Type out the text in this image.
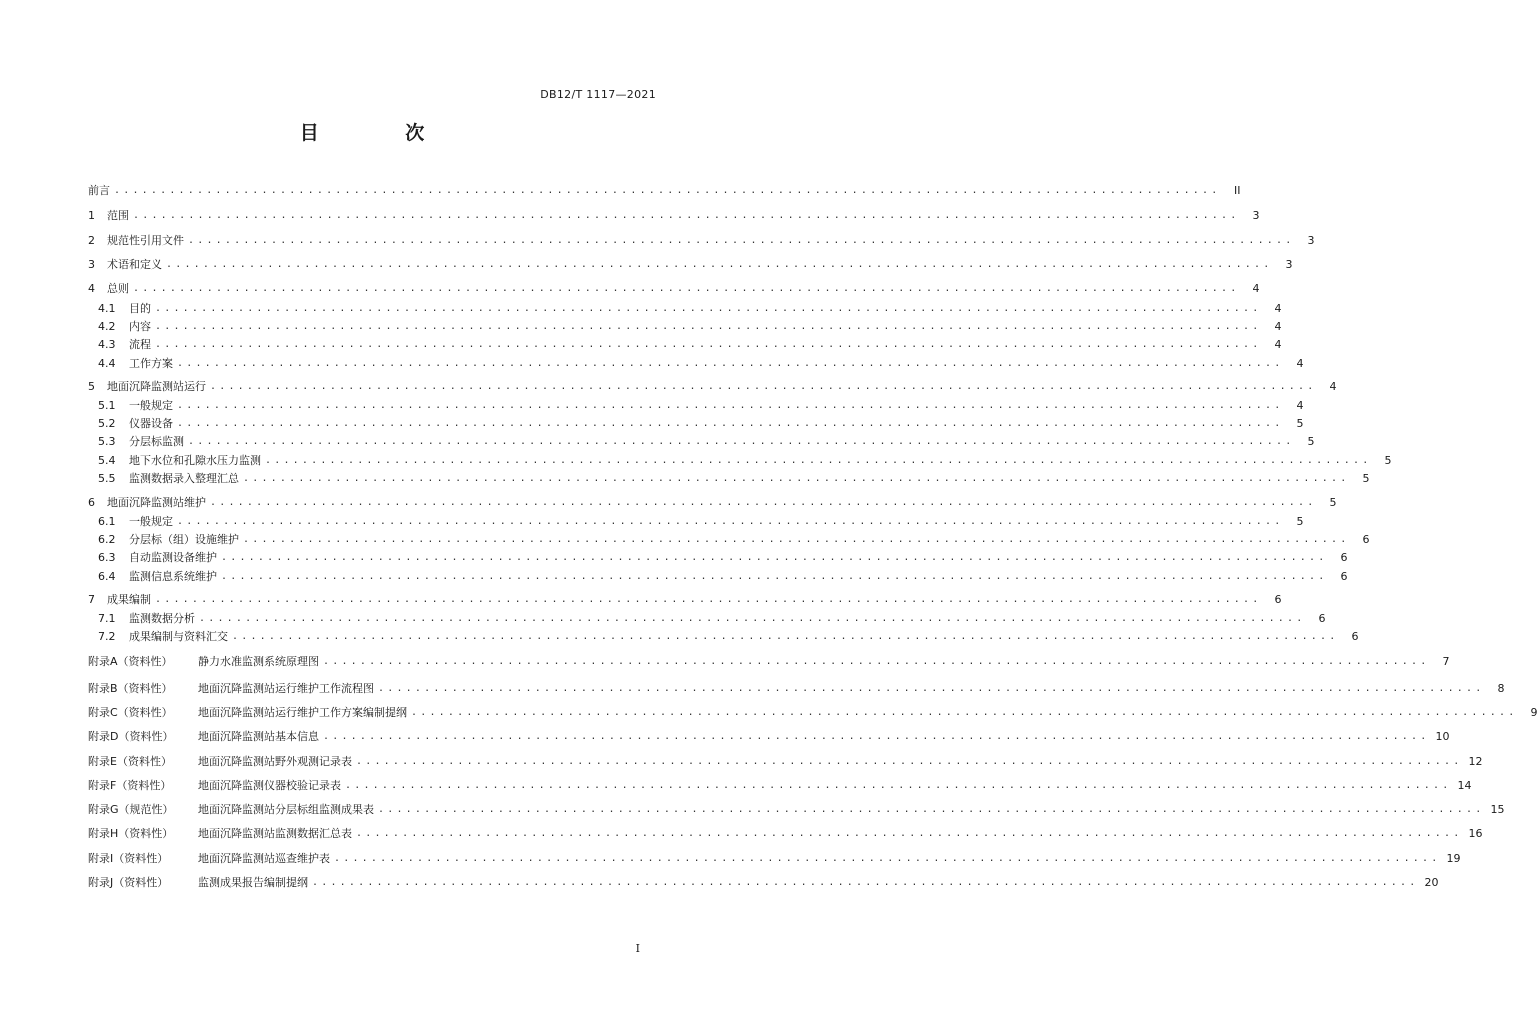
DB12/T 1117—2021
目 次
前言 ........................................................................................................................	II
1	范围 ........................................................................................................................	3
2	规范性引用文件 ........................................................................................................................	3
3	术语和定义 ........................................................................................................................	3
4	总则 ........................................................................................................................	4
4.1	目的 ........................................................................................................................	4
4.2	内容 ........................................................................................................................	4
4.3	流程 ........................................................................................................................	4
4.4	工作方案 ........................................................................................................................	4
5	地面沉降监测站运行 ........................................................................................................................	4
5.1	一般规定 ........................................................................................................................	4
5.2	仪器设备 ........................................................................................................................	5
5.3	分层标监测 ........................................................................................................................	5
5.4	地下水位和孔隙水压力监测 ........................................................................................................................	5
5.5	监测数据录入整理汇总 ........................................................................................................................	5
6	地面沉降监测站维护 ........................................................................................................................	5
6.1	一般规定 ........................................................................................................................	5
6.2	分层标（组）设施维护 ........................................................................................................................	6
6.3	自动监测设备维护 ........................................................................................................................	6
6.4	监测信息系统维护 ........................................................................................................................	6
7	成果编制 ........................................................................................................................	6
7.1	监测数据分析 ........................................................................................................................	6
7.2	成果编制与资料汇交 ........................................................................................................................	6
附录A（资料性）	静力水准监测系统原理图 ........................................................................................................................	7
附录B（资料性）	地面沉降监测站运行维护工作流程图 ........................................................................................................................	8
附录C（资料性）	地面沉降监测站运行维护工作方案编制提纲 ........................................................................................................................	9
附录D（资料性）	地面沉降监测站基本信息 ........................................................................................................................ 10
附录E（资料性）	地面沉降监测站野外观测记录表 ........................................................................................................................ 12
附录F（资料性）	地面沉降监测仪器校验记录表 ........................................................................................................................ 14
附录G（规范性）	地面沉降监测站分层标组监测成果表 ........................................................................................................................ 15
附录H（资料性）	地面沉降监测站监测数据汇总表 ........................................................................................................................ 16
附录I（资料性）	地面沉降监测站巡查维护表 ........................................................................................................................ 19
附录J（资料性）	监测成果报告编制提纲 ........................................................................................................................ 20
I
